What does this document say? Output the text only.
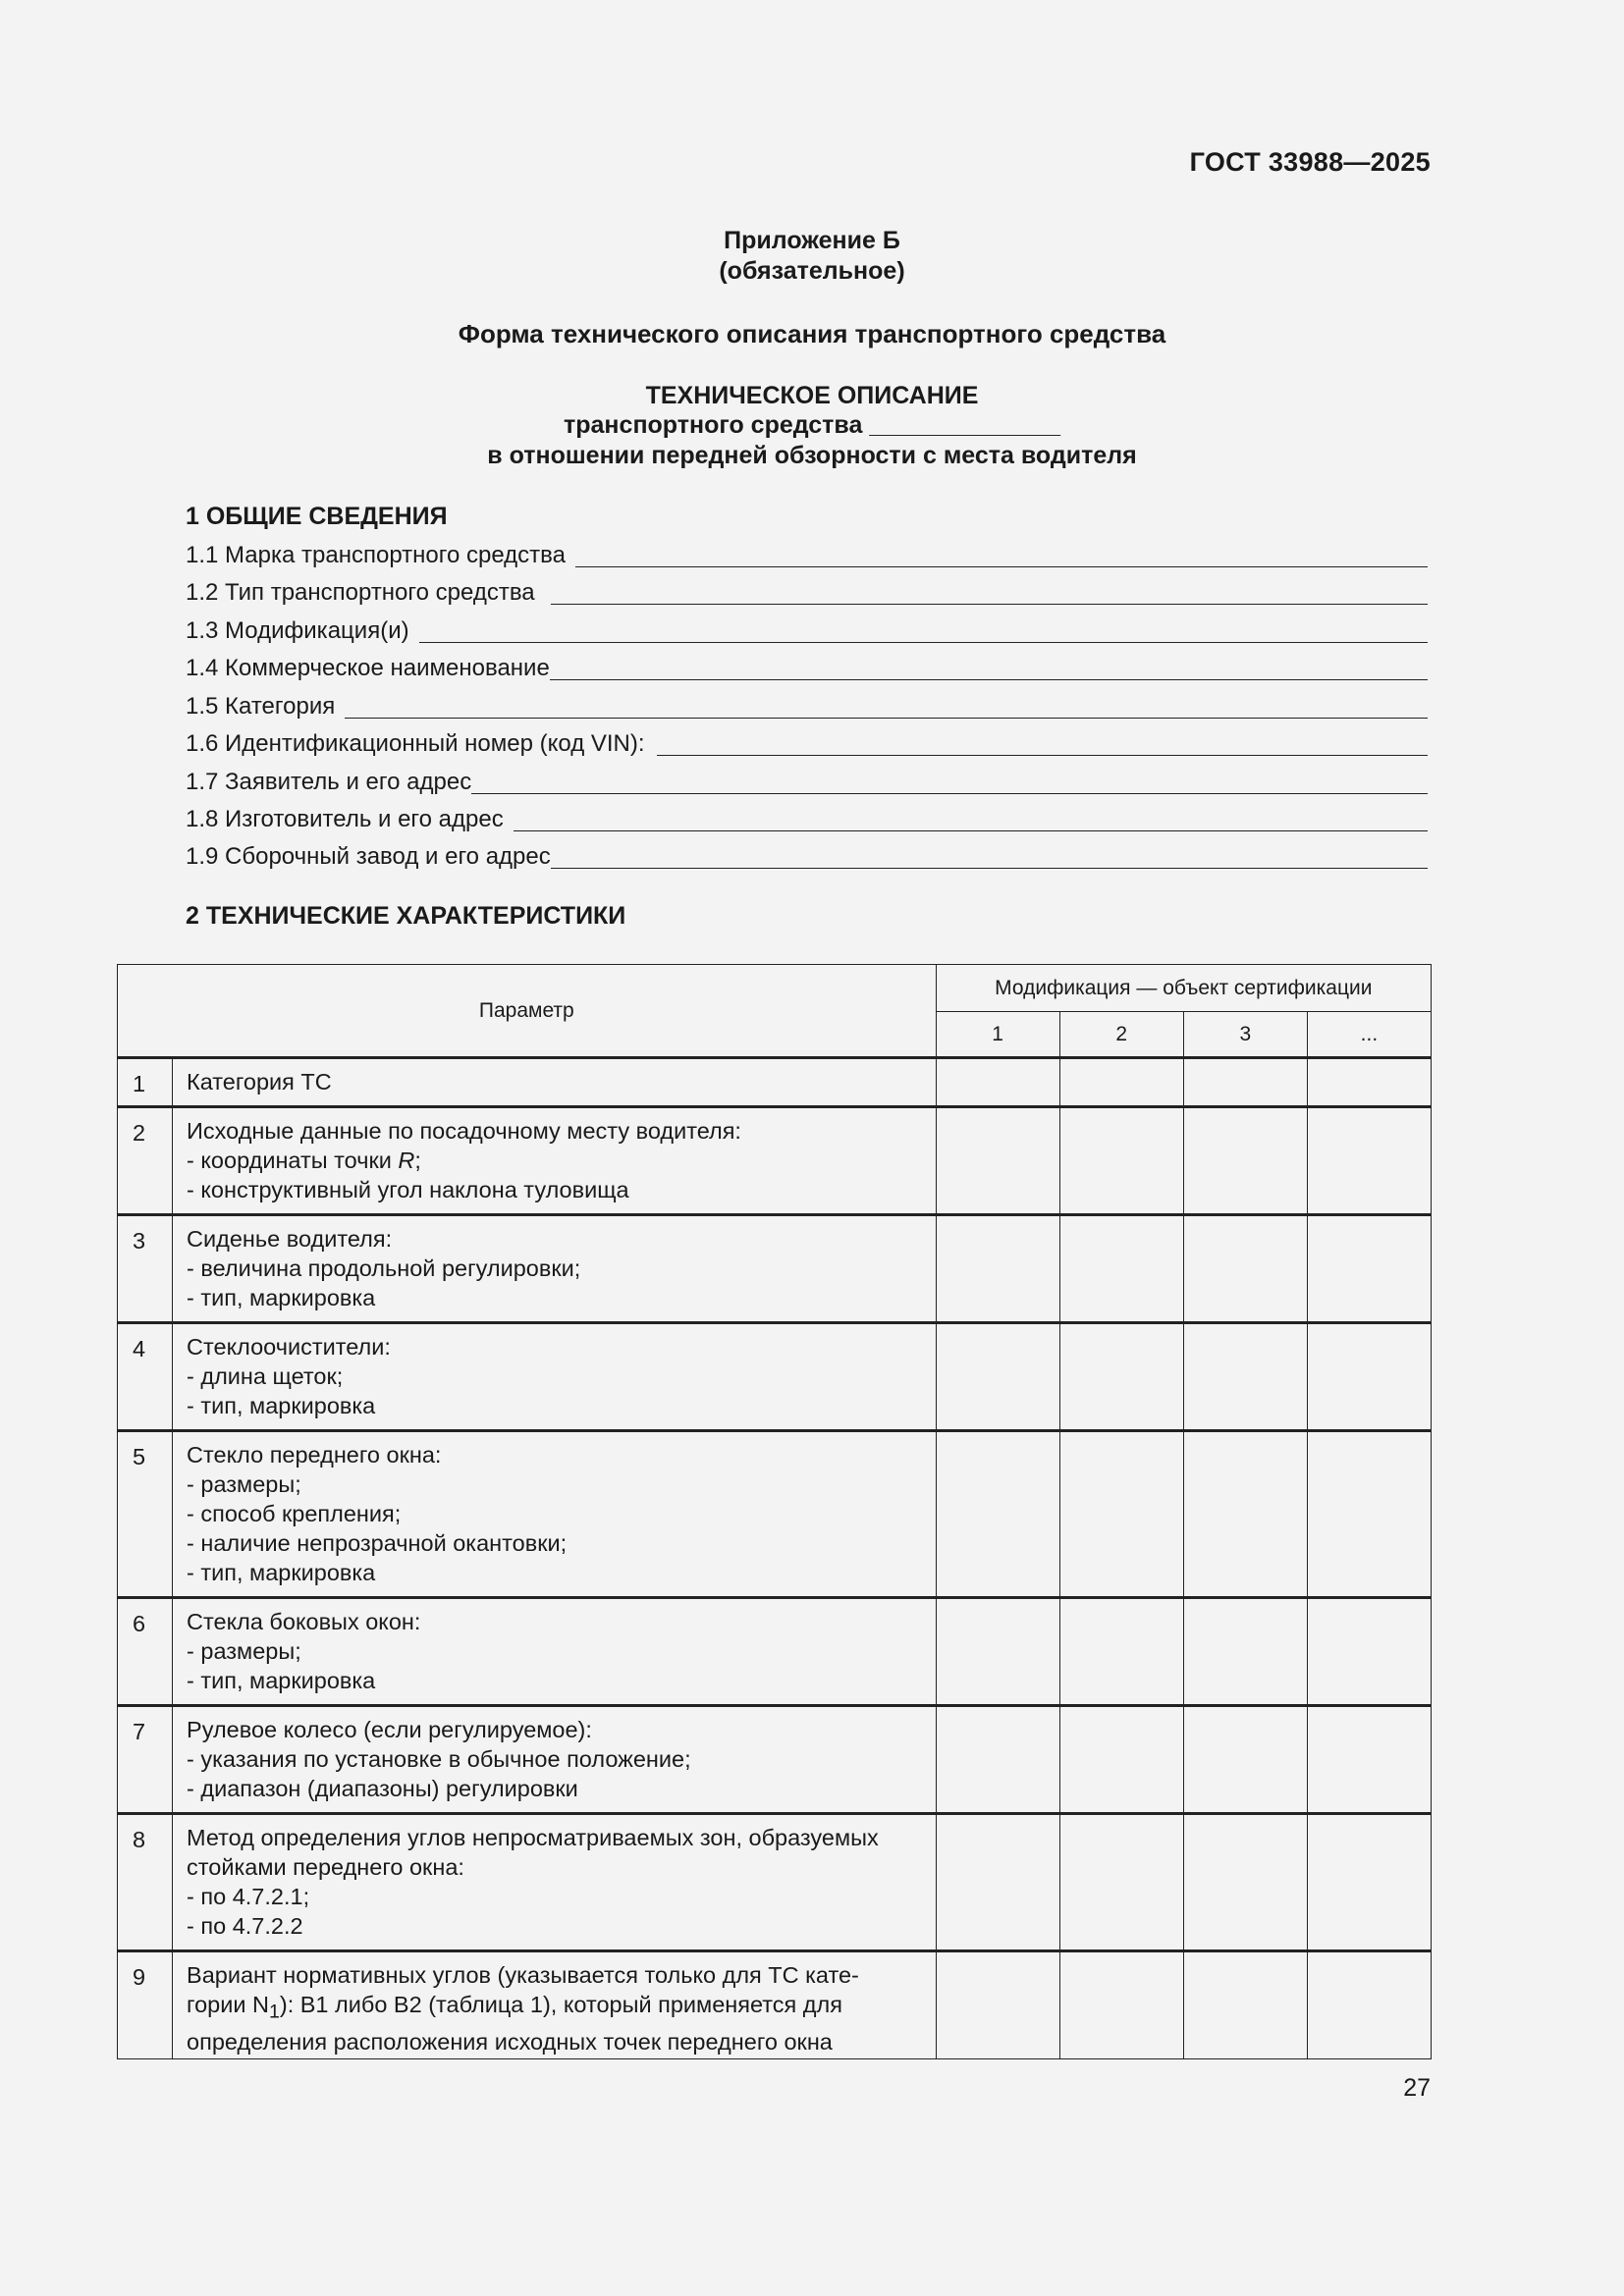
ГОСТ 33988—2025
Приложение Б
(обязательное)
Форма технического описания транспортного средства
ТЕХНИЧЕСКОЕ ОПИСАНИЕ
транспортного средства ______________
в отношении передней обзорности с места водителя
1 ОБЩИЕ СВЕДЕНИЯ
1.1 Марка транспортного средства
1.2 Тип транспортного средства
1.3 Модификация(и)
1.4 Коммерческое наименование
1.5 Категория
1.6 Идентификационный номер (код VIN):
1.7 Заявитель и его адрес
1.8 Изготовитель и его адрес
1.9 Сборочный завод и его адрес
2 ТЕХНИЧЕСКИЕ ХАРАКТЕРИСТИКИ
Параметр		Модификация — объект сертификации			
		1	2	3	...
1	Категория ТС				

2	Исходные данные по посадочному месту водителя:
- координаты точки R;
- конструктивный угол наклона туловища				

3	Сиденье водителя:
- величина продольной регулировки;
- тип, маркировка				

4	Стеклоочистители:
- длина щеток;
- тип, маркировка				

5	Стекло переднего окна:
- размеры;
- способ крепления;
- наличие непрозрачной окантовки;
- тип, маркировка				

6	Стекла боковых окон:
- размеры;
- тип, маркировка				

7	Рулевое колесо (если регулируемое):
- указания по установке в обычное положение;
- диапазон (диапазоны) регулировки				

8	Метод определения углов непросматриваемых зон, образуемых
стойками переднего окна:
- по 4.7.2.1;
- по 4.7.2.2				

9	Вариант нормативных углов (указывается только для ТС кате-
гории $N_1$): В1 либо В2 (таблица 1), который применяется для
определения расположения исходных точек переднего окна				

27
